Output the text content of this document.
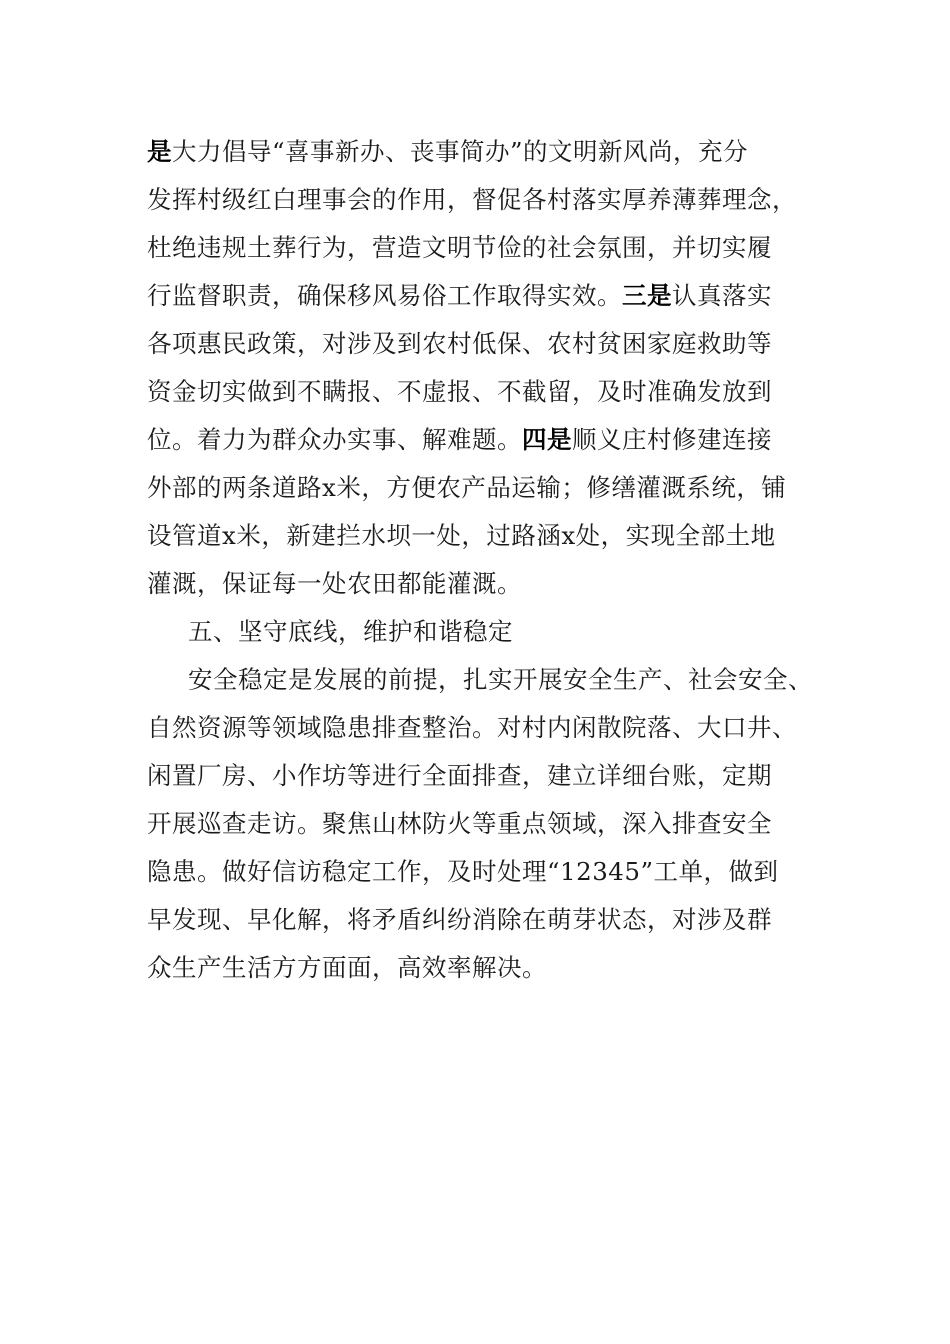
是大力倡导“喜事新办、丧事简办”的文明新风尚，充分
发挥村级红白理事会的作用，督促各村落实厚养薄葬理念，
杜绝违规土葬行为，营造文明节俭的社会氛围，并切实履
行监督职责，确保移风易俗工作取得实效。三是认真落实
各项惠民政策，对涉及到农村低保、农村贫困家庭救助等
资金切实做到不瞒报、不虚报、不截留，及时准确发放到
位。着力为群众办实事、解难题。四是顺义庄村修建连接
外部的两条道路x米，方便农产品运输；修缮灌溉系统，铺
设管道x米，新建拦水坝一处，过路涵x处，实现全部土地
灌溉，保证每一处农田都能灌溉。
五、坚守底线，维护和谐稳定
安全稳定是发展的前提，扎实开展安全生产、社会安全、
自然资源等领域隐患排查整治。对村内闲散院落、大口井、
闲置厂房、小作坊等进行全面排查，建立详细台账，定期
开展巡查走访。聚焦山林防火等重点领域，深入排查安全
隐患。做好信访稳定工作，及时处理“12345”工单，做到
早发现、早化解，将矛盾纠纷消除在萌芽状态，对涉及群
众生产生活方方面面，高效率解决。
